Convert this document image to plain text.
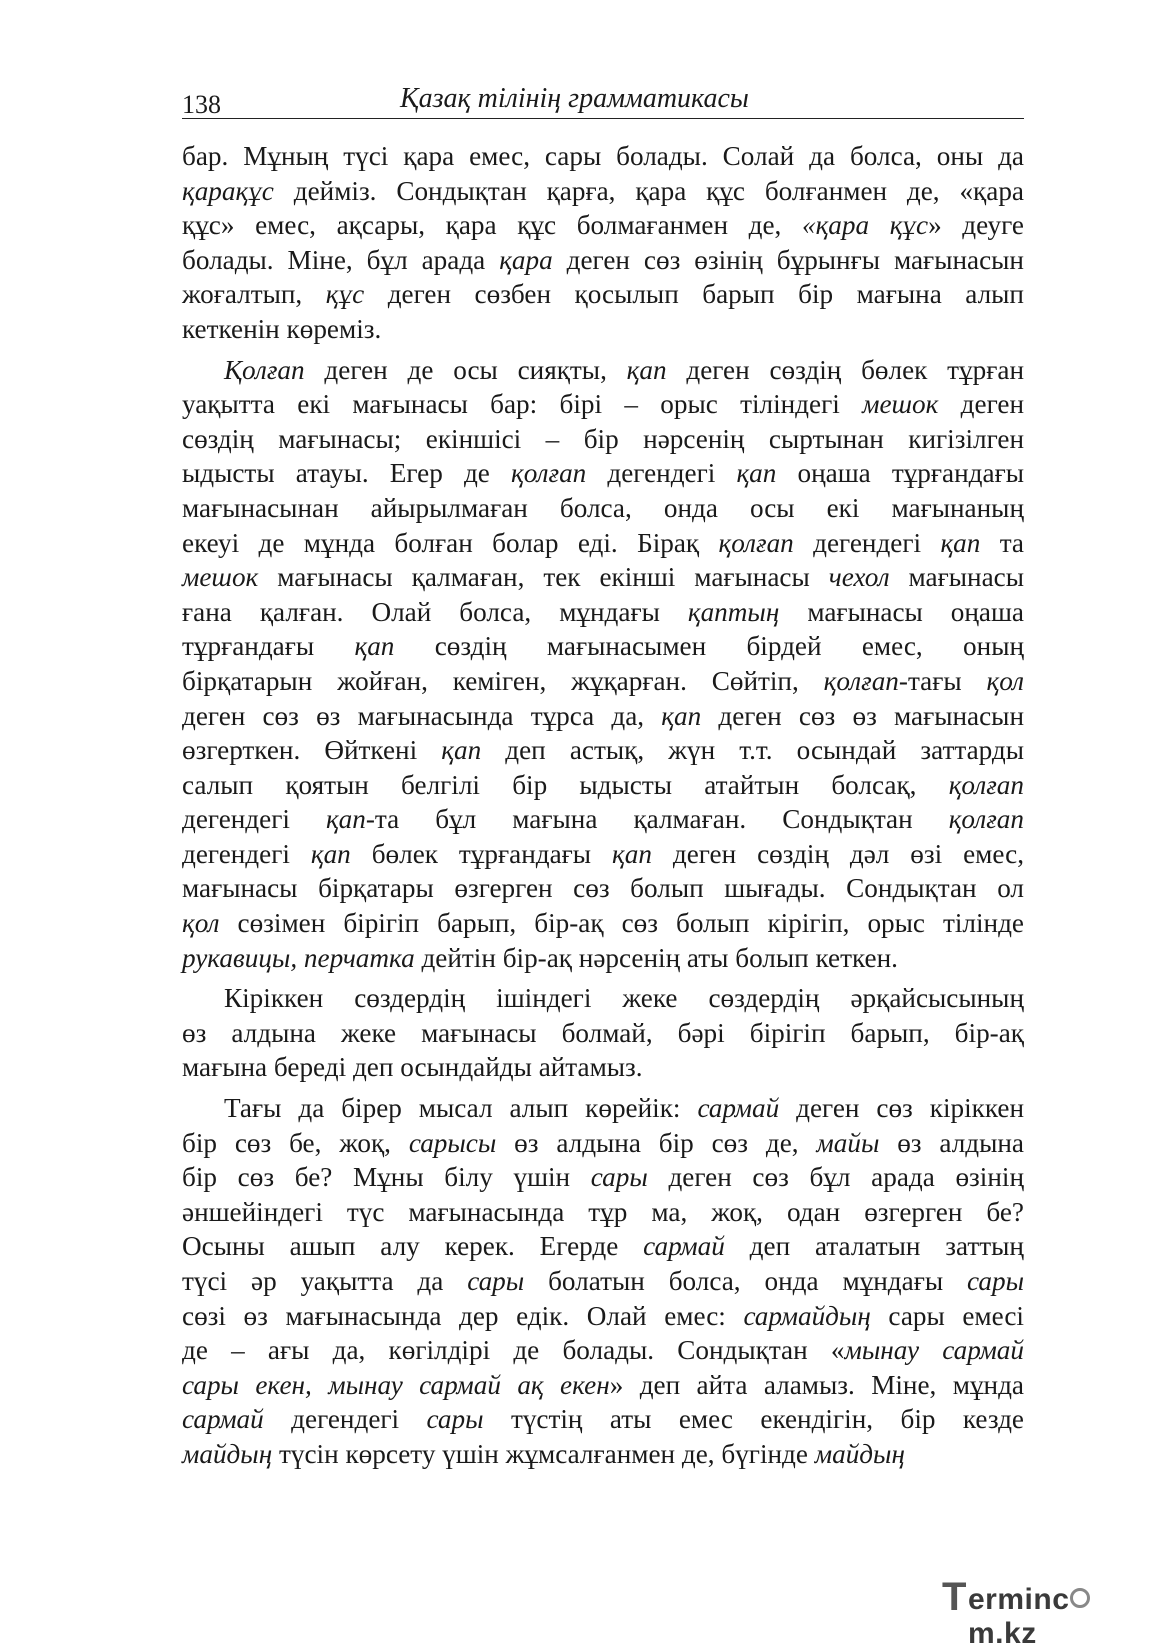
138	Қазақ тілінің грамматикасы
бар. Мұның түсі қара емес, сары болады. Солай да болса, оны да
қарақұс дейміз. Сондықтан қарға, қара құс болғанмен де, «қара
құс» емес, ақсары, қара құс болмағанмен де, «қара құс» деуге
болады. Міне, бұл арада қара деген сөз өзінің бұрынғы мағынасын
жоғалтып, құс деген сөзбен қосылып барып бір мағына алып
кеткенін көреміз.
Қолғап деген де осы сияқты, қап деген сөздің бөлек тұрған
уақытта екі мағынасы бар: бірі – орыс тіліндегі мешок деген
сөздің мағынасы; екіншісі – бір нәрсенің сыртынан кигізілген
ыдысты атауы. Егер де қолғап дегендегі қап оңаша тұрғандағы
мағынасынан айырылмаған болса, онда осы екі мағынаның
екеуі де мұнда болған болар еді. Бірақ қолғап дегендегі қап та
мешок мағынасы қалмаған, тек екінші мағынасы чехол мағынасы
ғана қалған. Олай болса, мұндағы қаптың мағынасы оңаша
тұрғандағы қап сөздің мағынасымен бірдей емес, оның
бірқатарын жойған, кеміген, жұқарған. Сөйтіп, қолғап-тағы қол
деген сөз өз мағынасында тұрса да, қап деген сөз өз мағынасын
өзгерткен. Өйткені қап деп астық, жүн т.т. осындай заттарды
салып қоятын белгілі бір ыдысты атайтын болсақ, қолғап
дегендегі қап-та бұл мағына қалмаған. Сондықтан қолғап
дегендегі қап бөлек тұрғандағы қап деген сөздің дәл өзі емес,
мағынасы бірқатары өзгерген сөз болып шығады. Сондықтан ол
қол сөзімен бірігіп барып, бір-ақ сөз болып кірігіп, орыс тілінде
рукавицы, перчатка дейтін бір-ақ нәрсенің аты болып кеткен.
Кіріккен сөздердің ішіндегі жеке сөздердің әрқайсысының
өз алдына жеке мағынасы болмай, бәрі бірігіп барып, бір-ақ
мағына береді деп осындайды айтамыз.
Тағы да бірер мысал алып көрейік: сармай деген сөз кіріккен
бір сөз бе, жоқ, сарысы өз алдына бір сөз де, майы өз алдына
бір сөз бе? Мұны білу үшін сары деген сөз бұл арада өзінің
әншейіндегі түс мағынасында тұр ма, жоқ, одан өзгерген бе?
Осыны ашып алу керек. Егерде сармай деп аталатын заттың
түсі әр уақытта да сары болатын болса, онда мұндағы сары
сөзі өз мағынасында дер едік. Олай емес: сармайдың сары емесі
де – ағы да, көгілдірі де болады. Сондықтан «мынау сармай
сары екен, мынау сармай ақ екен» деп айта аламыз. Міне, мұнда
сармай дегендегі сары түстің аты емес екендігін, бір кезде
майдың түсін көрсету үшін жұмсалғанмен де, бүгінде майдың
T ermincm.kz
